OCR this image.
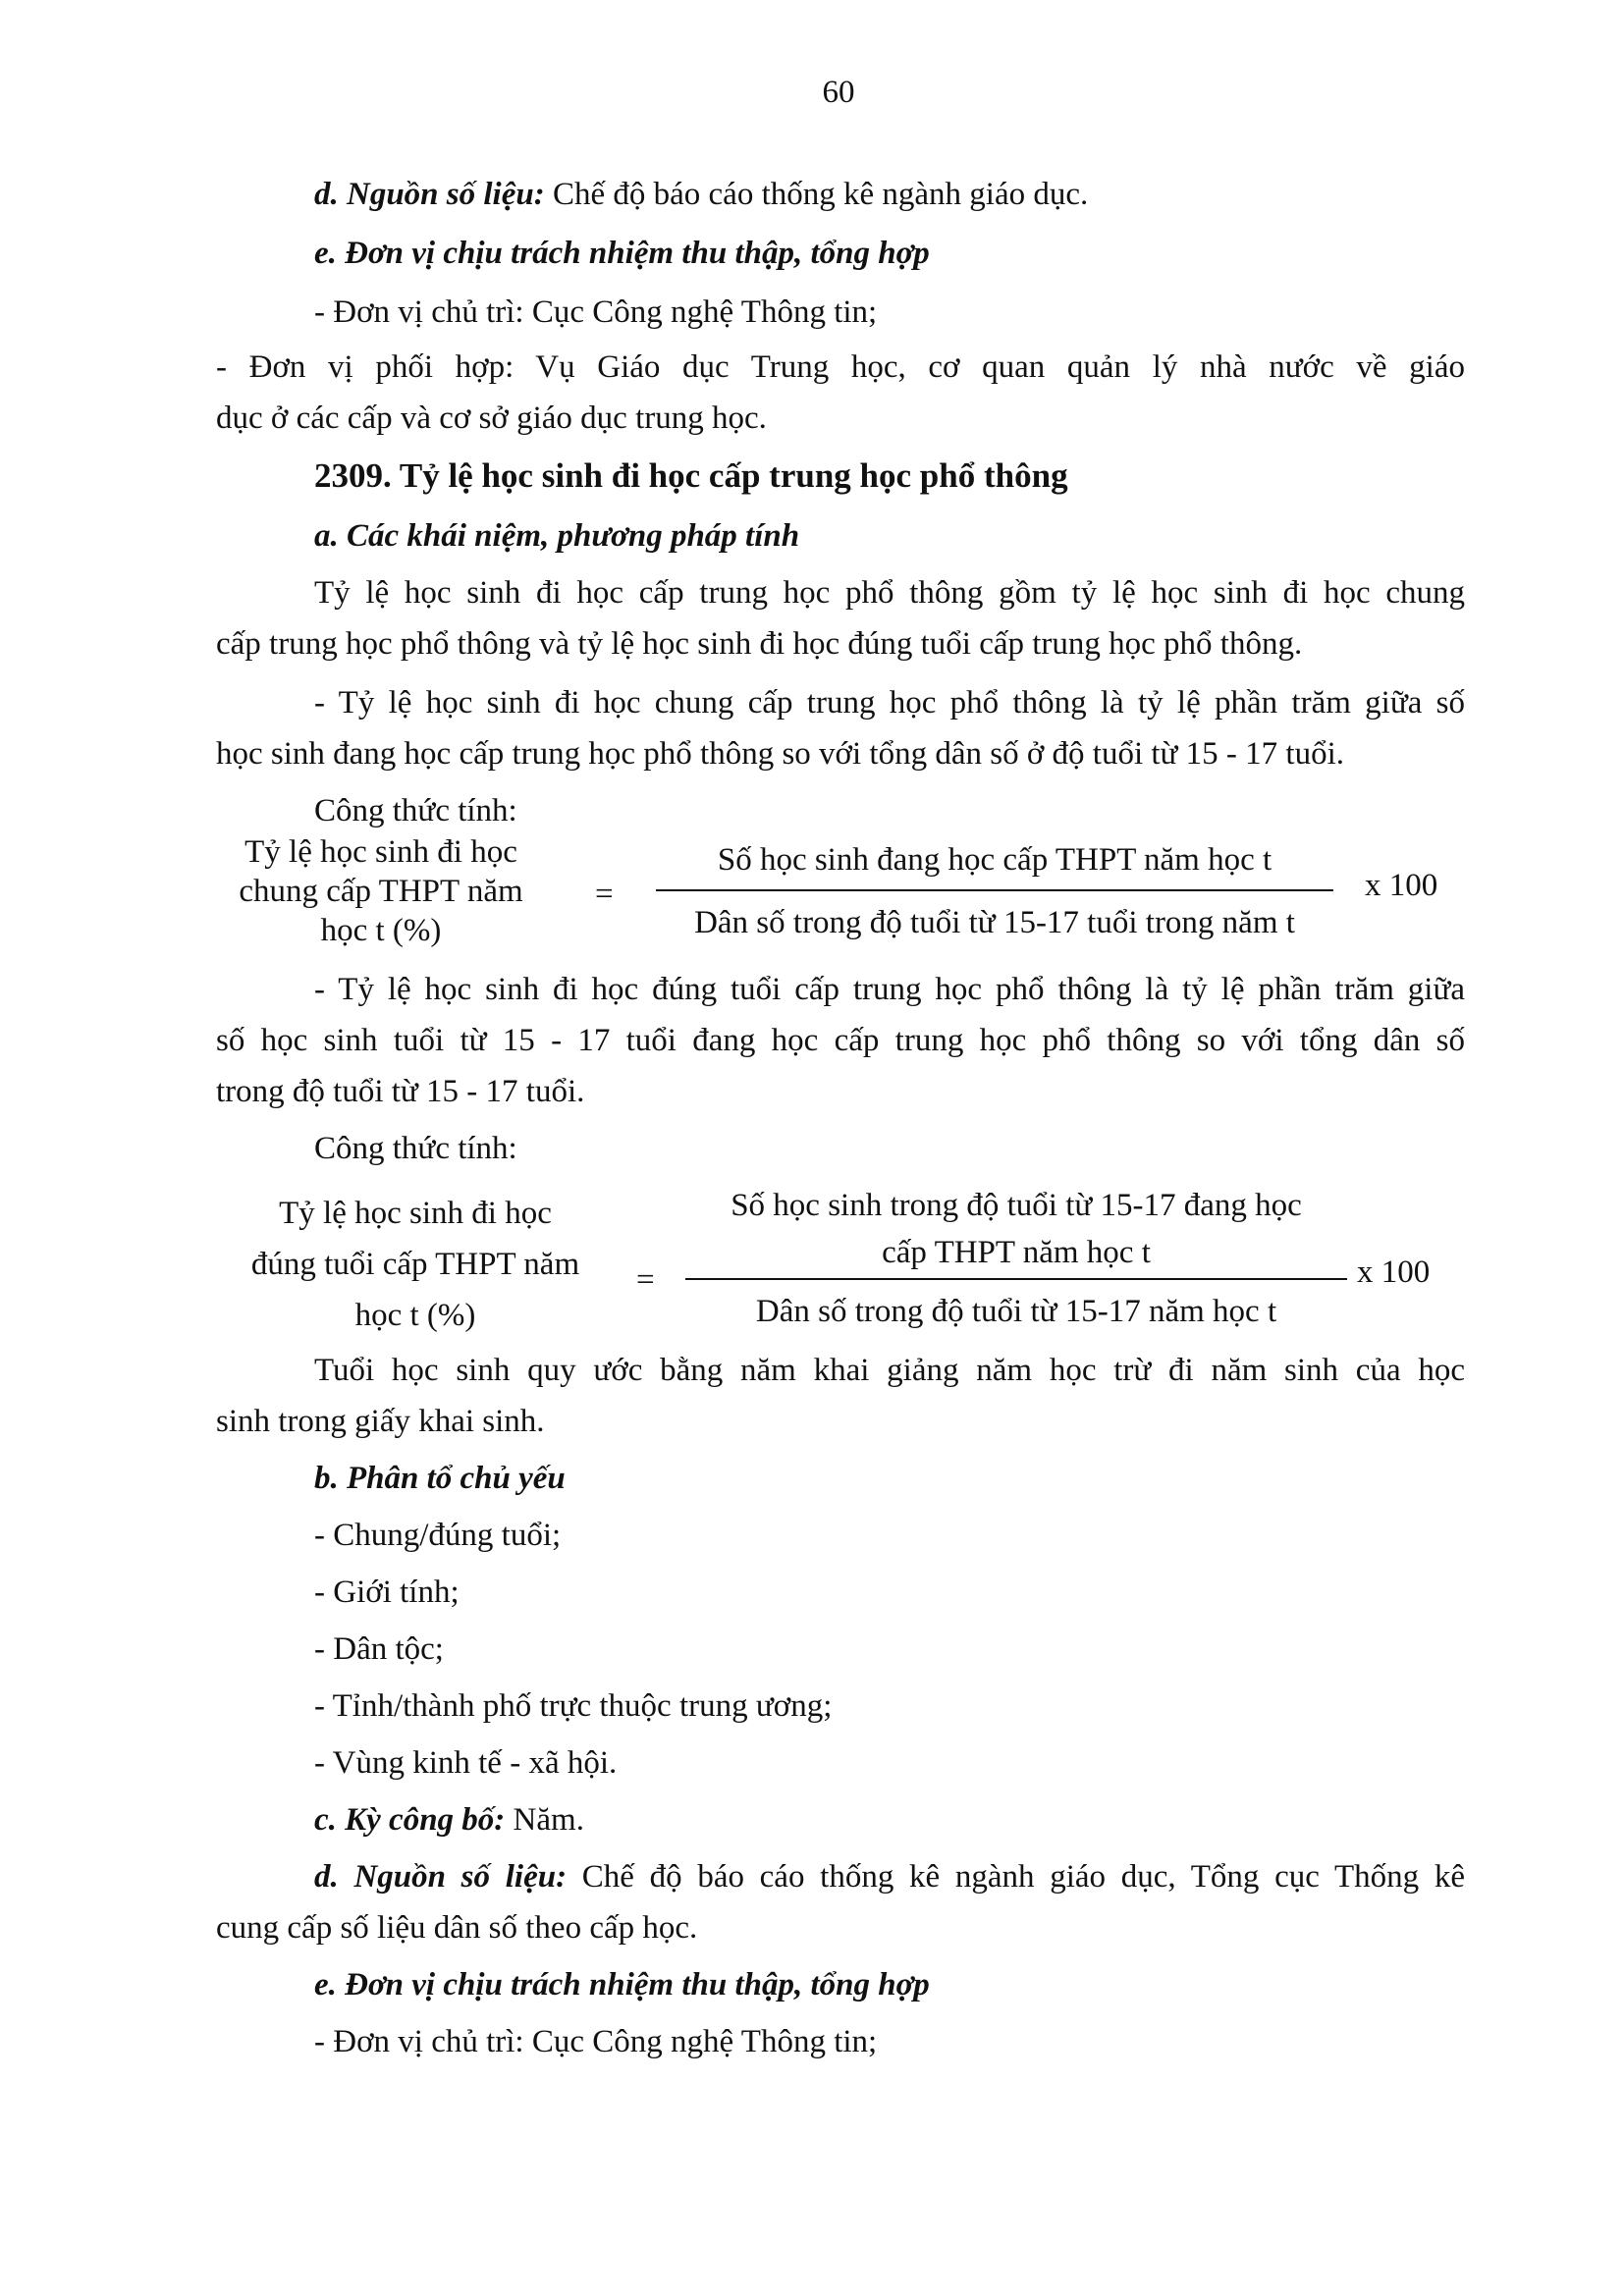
60
d. Nguồn số liệu: Chế độ báo cáo thống kê ngành giáo dục.
e. Đơn vị chịu trách nhiệm thu thập, tổng hợp
- Đơn vị chủ trì: Cục Công nghệ Thông tin;
- Đơn vị phối hợp: Vụ Giáo dục Trung học, cơ quan quản lý nhà nước về giáo
dục ở các cấp và cơ sở giáo dục trung học.
2309. Tỷ lệ học sinh đi học cấp trung học phổ thông
a. Các khái niệm, phương pháp tính
Tỷ lệ học sinh đi học cấp trung học phổ thông gồm tỷ lệ học sinh đi học chung
cấp trung học phổ thông và tỷ lệ học sinh đi học đúng tuổi cấp trung học phổ thông.
- Tỷ lệ học sinh đi học chung cấp trung học phổ thông là tỷ lệ phần trăm giữa số
học sinh đang học cấp trung học phổ thông so với tổng dân số ở độ tuổi từ 15 - 17 tuổi.
Công thức tính:
Tỷ lệ học sinh đi học
chung cấp THPT năm
học t (%)
=
Số học sinh đang học cấp THPT năm học t
Dân số trong độ tuổi từ 15-17 tuổi trong năm t
x 100
- Tỷ lệ học sinh đi học đúng tuổi cấp trung học phổ thông là tỷ lệ phần trăm giữa
số học sinh tuổi từ 15 - 17 tuổi đang học cấp trung học phổ thông so với tổng dân số
trong độ tuổi từ 15 - 17 tuổi.
Công thức tính:
Tỷ lệ học sinh đi học
đúng tuổi cấp THPT năm
học t (%)
=
Số học sinh trong độ tuổi từ 15-17 đang học
cấp THPT năm học t
Dân số trong độ tuổi từ 15-17 năm học t
x 100
Tuổi học sinh quy ước bằng năm khai giảng năm học trừ đi năm sinh của học
sinh trong giấy khai sinh.
b. Phân tổ chủ yếu
- Chung/đúng tuổi;
- Giới tính;
- Dân tộc;
- Tỉnh/thành phố trực thuộc trung ương;
- Vùng kinh tế - xã hội.
c. Kỳ công bố: Năm.
d. Nguồn số liệu: Chế độ báo cáo thống kê ngành giáo dục, Tổng cục Thống kê
cung cấp số liệu dân số theo cấp học.
e. Đơn vị chịu trách nhiệm thu thập, tổng hợp
- Đơn vị chủ trì: Cục Công nghệ Thông tin;
